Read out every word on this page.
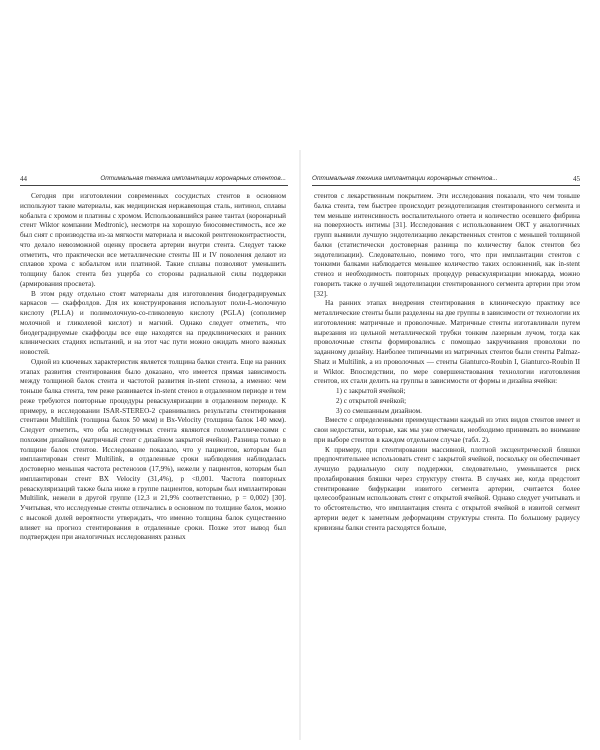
44	Оптимальная техника имплантации коронарных стентов...

Сегодня при изготовлении современных сосудистых стентов в основном используют такие материалы, как медицинская нержавеющая сталь, нитинол, сплавы кобальта с хромом и платины с хромом. Использовавшийся ранее тантал (коронарный стент Wiktor компании Medtronic), несмотря на хорошую биосовместимость, все же был снят с производства из-за мягкости материала и высокой рентгеноконтрастности, что делало невозможной оценку просвета артерии внутри стента. Следует также отметить, что практически все металлические стенты III и IV поколения делают из сплавов хрома с кобальтом или платиной. Такие сплавы позволяют уменьшить толщину балок стента без ущерба со стороны радиальной силы поддержки (армирования просвета).

В этом ряду отдельно стоят материалы для изготовления биодеградируемых каркасов — скаффолдов. Для их конструирования используют поли-L-молочную кислоту (PLLA) и полимолочную-со-гликолевую кислоту (PGLA) (сополимер молочной и гликолевой кислот) и магний. Однако следует отметить, что биодеградируемые скаффолды все еще находятся на предклинических и ранних клинических стадиях испытаний, и на этот час пути можно ожидать много важных новостей.

Одной из ключевых характеристик является толщина балки стента. Еще на ранних этапах развития стентирования было доказано, что имеется прямая зависимость между толщиной балок стента и частотой развития in-stent стеноза, а именно: чем тоньше балка стента, тем реже развивается in-stent стеноз в отдаленном периоде и тем реже требуются повторные процедуры реваскуляризации в отдаленном периоде. К примеру, в исследовании ISAR-STEREO-2 сравнивались результаты стентирования стентами Multilink (толщина балок 50 мкм) и Bx-Velocity (толщина балок 140 мкм). Следует отметить, что оба исследуемых стента являются голометаллическими с похожим дизайном (матричный стент с дизайном закрытой ячейки). Разница только в толщине балок стентов. Исследование показало, что у пациентов, которым был имплантирован стент Multilink, в отдаленные сроки наблюдения наблюдалась достоверно меньшая частота рестенозов (17,9%), нежели у пациентов, которым был имплантирован стент BX Velocity (31,4%), p <0,001. Частота повторных реваскуляризаций также была ниже в группе пациентов, которым был имплантирован Multilink, нежели в другой группе (12,3 и 21,9% соответственно, p = 0,002) [30]. Учитывая, что исследуемые стенты отличались в основном по толщине балок, можно с высокой долей вероятности утверждать, что именно толщина балок существенно влияет на прогноз стентирования в отдаленные сроки. Позже этот вывод был подтвержден при аналогичных исследованиях разных

Оптимальная техника имплантации коронарных стентов...	45

стентов с лекарственным покрытием. Эти исследования показали, что чем тоньше балка стента, тем быстрее происходит реэндотелизация стентированного сегмента и тем меньше интенсивность воспалительного ответа и количество осевшего фибрина на поверхность интимы [31]. Исследования с использованием ОКТ у аналогичных групп выявили лучшую эндотелизацию лекарственных стентов с меньшей толщиной балки (статистически достоверная разница по количеству балок стентов без эндотелизации). Следовательно, помимо того, что при имплантации стентов с тонкими балками наблюдается меньшее количество таких осложнений, как in-stent стеноз и необходимость повторных процедур реваскуляризации миокарда, можно говорить также о лучшей эндотелизации стентированного сегмента артерии при этом [32].

На ранних этапах внедрения стентирования в клиническую практику все металлические стенты были разделены на две группы в зависимости от технологии их изготовления: матричные и проволочные. Матричные стенты изготавливали путем вырезания из цельной металлической трубки тонким лазерным лучом, тогда как проволочные стенты формировались с помощью закручивания проволоки по заданному дизайну. Наиболее типичными из матричных стентов были стенты Palmaz-Shatz и Multilink, а из проволочных — стенты Gianturco-Roubin I, Gianturco-Roubin II и Wiktor. Впоследствии, по мере совершенствования технологии изготовления стентов, их стали делить на группы в зависимости от формы и дизайна ячейки:

1) с закрытой ячейкой;
2) с открытой ячейкой;
3) со смешанным дизайном.

Вместе с определенными преимуществами каждый из этих видов стентов имеет и свои недостатки, которые, как мы уже отмечали, необходимо принимать во внимание при выборе стентов в каждом отдельном случае (табл. 2).

К примеру, при стентировании массивной, плотной эксцентрической бляшки предпочтительнее использовать стент с закрытой ячейкой, поскольку он обеспечивает лучшую радиальную силу поддержки, следовательно, уменьшается риск пролабирования бляшки через структуру стента. В случаях же, когда предстоит стентирование бифуркации извитого сегмента артерии, считается более целесообразным использовать стент с открытой ячейкой. Однако следует учитывать и то обстоятельство, что имплантация стента с открытой ячейкой в извитой сегмент артерии ведет к заметным деформациям структуры стента. По большому радиусу кривизны балки стента расходятся больше,
